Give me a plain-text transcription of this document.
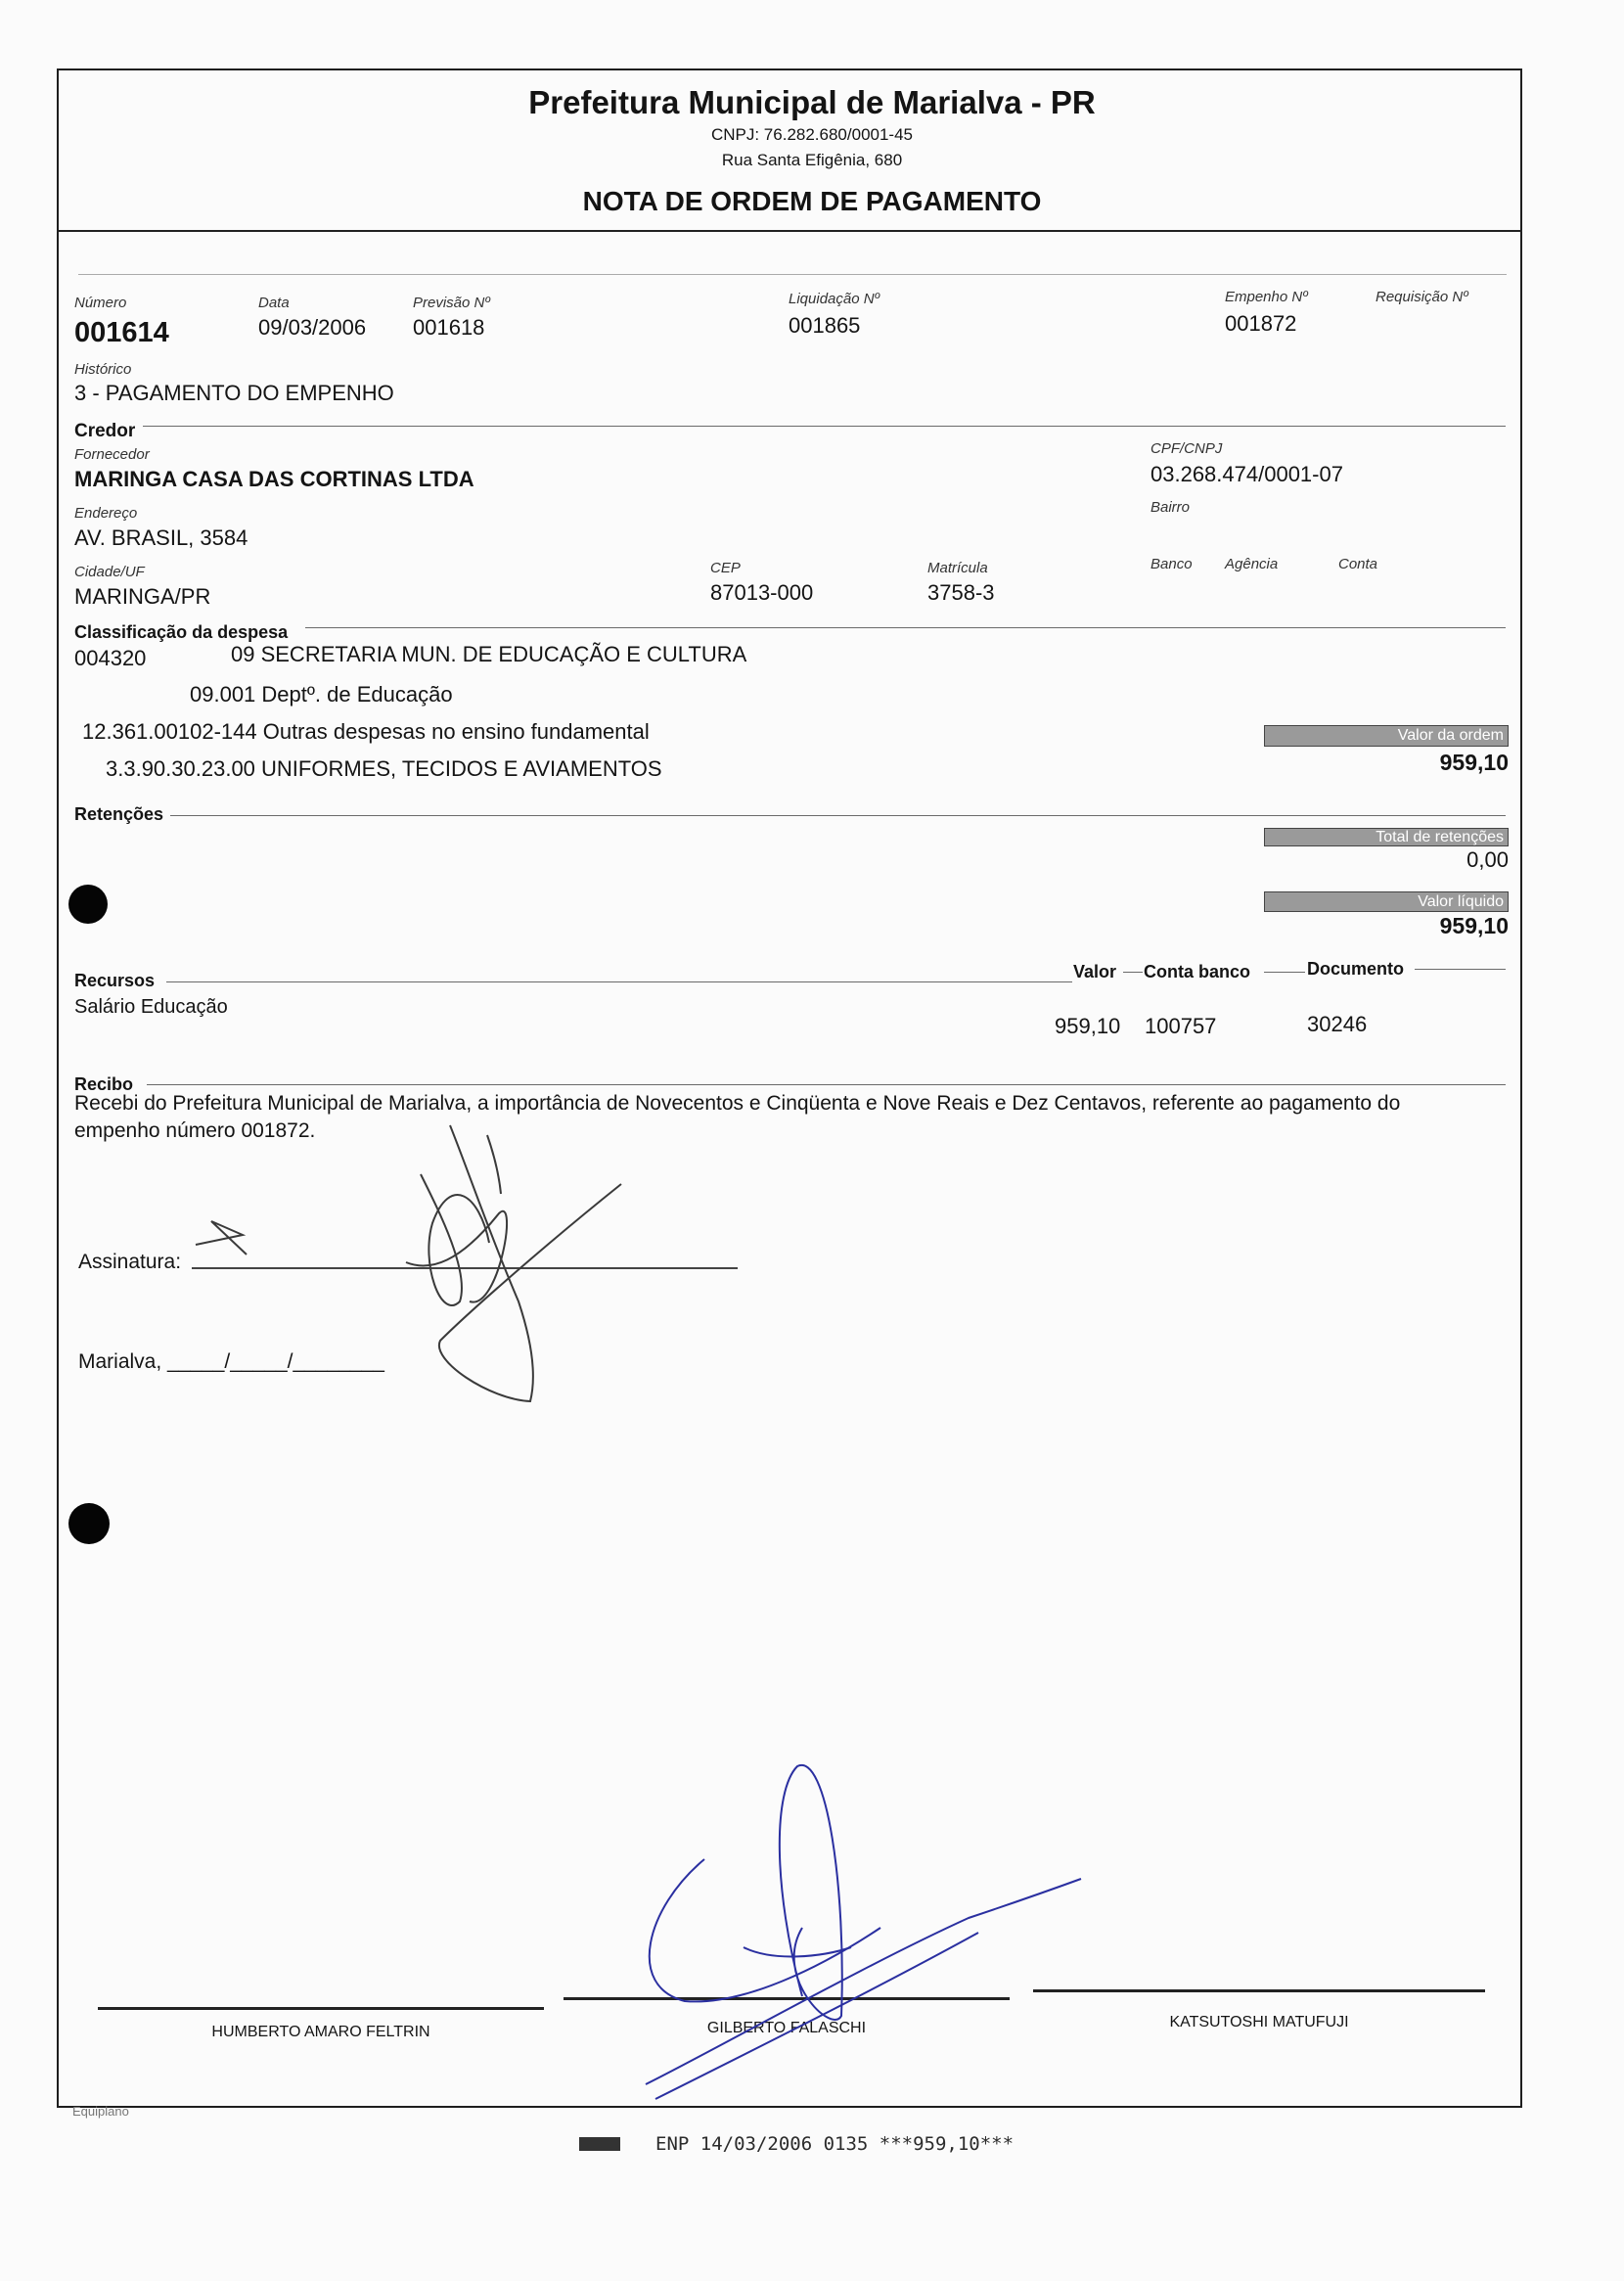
Prefeitura Municipal de Marialva - PR
CNPJ: 76.282.680/0001-45
Rua Santa Efigênia, 680
NOTA DE ORDEM DE PAGAMENTO
Número
001614
Data
09/03/2006
Previsão Nº
001618
Liquidação Nº
001865
Empenho Nº
001872
Requisição Nº
Histórico
3 - PAGAMENTO DO EMPENHO
Credor
Fornecedor
MARINGA CASA DAS CORTINAS LTDA
CPF/CNPJ
03.268.474/0001-07
Endereço
AV. BRASIL, 3584
Bairro
Cidade/UF
MARINGA/PR
CEP
87013-000
Matrícula
3758-3
Banco Agência	Conta
Classificação da despesa
004320	09 SECRETARIA MUN. DE EDUCAÇÃO E CULTURA
09.001 Deptº. de Educação
12.361.00102-144 Outras despesas no ensino fundamental
3.3.90.30.23.00 UNIFORMES, TECIDOS E AVIAMENTOS
Valor da ordem
959,10
Retenções
Total de retenções
0,00
Valor líquido
959,10
Recursos	Valor Conta banco	Documento
Salário Educação
959,10 100757	30246
Recibo
Recebi do Prefeitura Municipal de Marialva, a importância de Novecentos e Cinqüenta e Nove Reais e Dez Centavos, referente ao pagamento do
empenho número 001872.
Assinatura:
Marialva, _____/_____/________
HUMBERTO AMARO FELTRIN	GILBERTO FALASCHI	KATSUTOSHI MATUFUJI
Equiplano
ENP 14/03/2006 0135 ***959,10***
